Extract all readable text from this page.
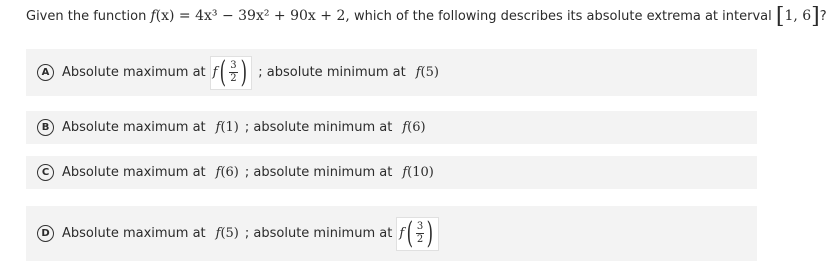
Given the function f(x) = 4x³ − 39x² + 90x + 2, which of the following describes its absolute extrema at interval [1, 6]?
A Absolute maximum at f ( $\frac{3}{2}$ ) ; absolute minimum at f(5)
B Absolute maximum at f(1) ; absolute minimum at f(6)
C Absolute maximum at f(6) ; absolute minimum at f(10)
D Absolute maximum at f(5) ; absolute minimum at f ( $\frac{3}{2}$ )
